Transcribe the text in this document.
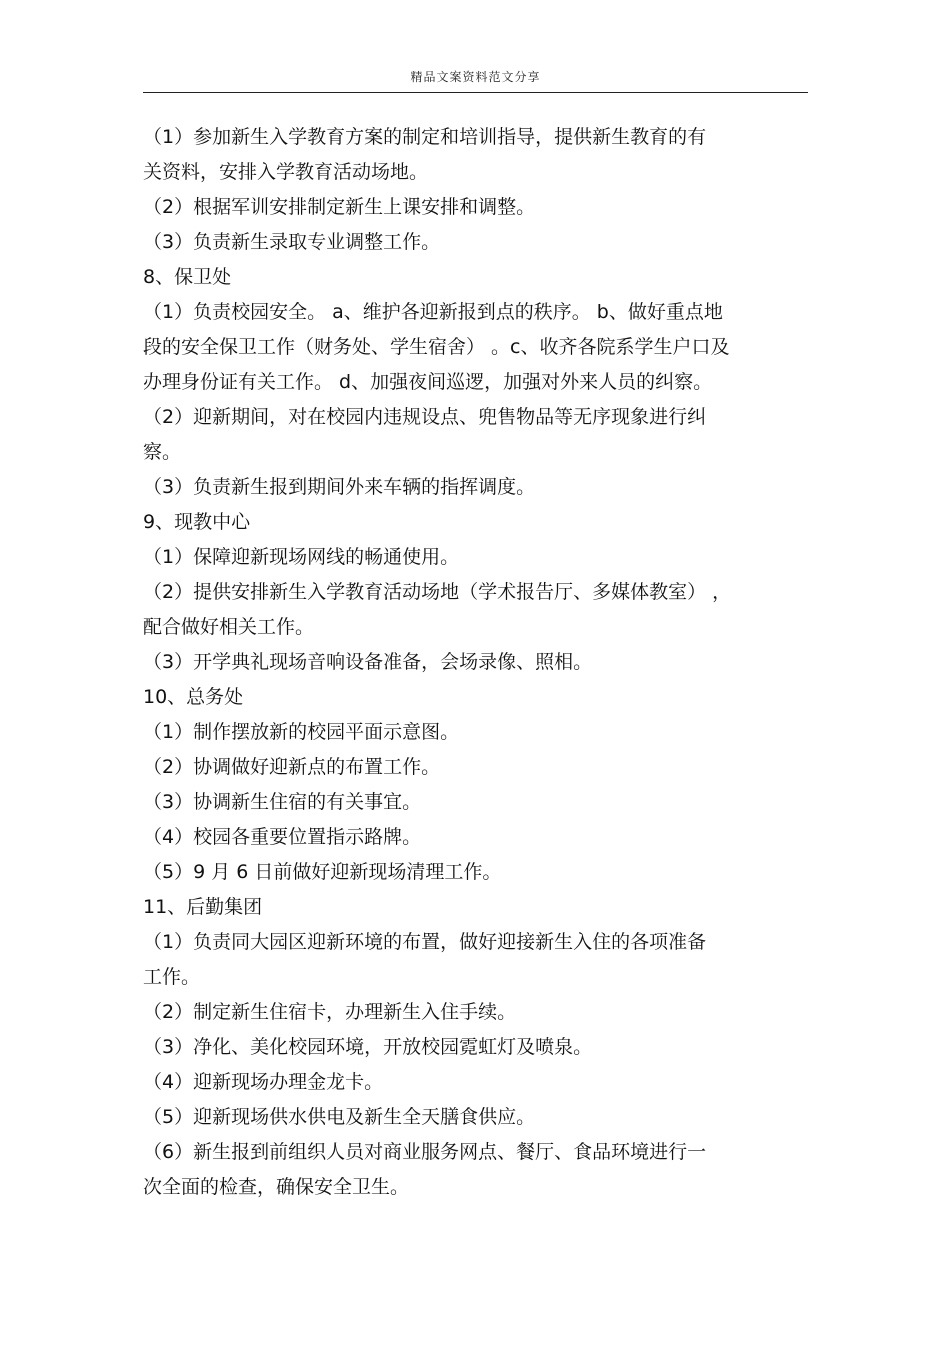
精品文案资料范文分享
（1）参加新生入学教育方案的制定和培训指导，提供新生教育的有
关资料，安排入学教育活动场地。
（2）根据军训安排制定新生上课安排和调整。
（3）负责新生录取专业调整工作。
8、保卫处
（1）负责校园安全。 a、维护各迎新报到点的秩序。 b、做好重点地
段的安全保卫工作（财务处、学生宿舍） 。c、收齐各院系学生户口及
办理身份证有关工作。 d、加强夜间巡逻，加强对外来人员的纠察。
（2）迎新期间，对在校园内违规设点、兜售物品等无序现象进行纠
察。
（3）负责新生报到期间外来车辆的指挥调度。
9、现教中心
（1）保障迎新现场网线的畅通使用。
（2）提供安排新生入学教育活动场地（学术报告厅、多媒体教室） ，
配合做好相关工作。
（3）开学典礼现场音响设备准备，会场录像、照相。
10、总务处
（1）制作摆放新的校园平面示意图。
（2）协调做好迎新点的布置工作。
（3）协调新生住宿的有关事宜。
（4）校园各重要位置指示路牌。
（5）9 月 6 日前做好迎新现场清理工作。
11、后勤集团
（1）负责同大园区迎新环境的布置，做好迎接新生入住的各项准备
工作。
（2）制定新生住宿卡，办理新生入住手续。
（3）净化、美化校园环境，开放校园霓虹灯及喷泉。
（4）迎新现场办理金龙卡。
（5）迎新现场供水供电及新生全天膳食供应。
（6）新生报到前组织人员对商业服务网点、餐厅、食品环境进行一
次全面的检查，确保安全卫生。
